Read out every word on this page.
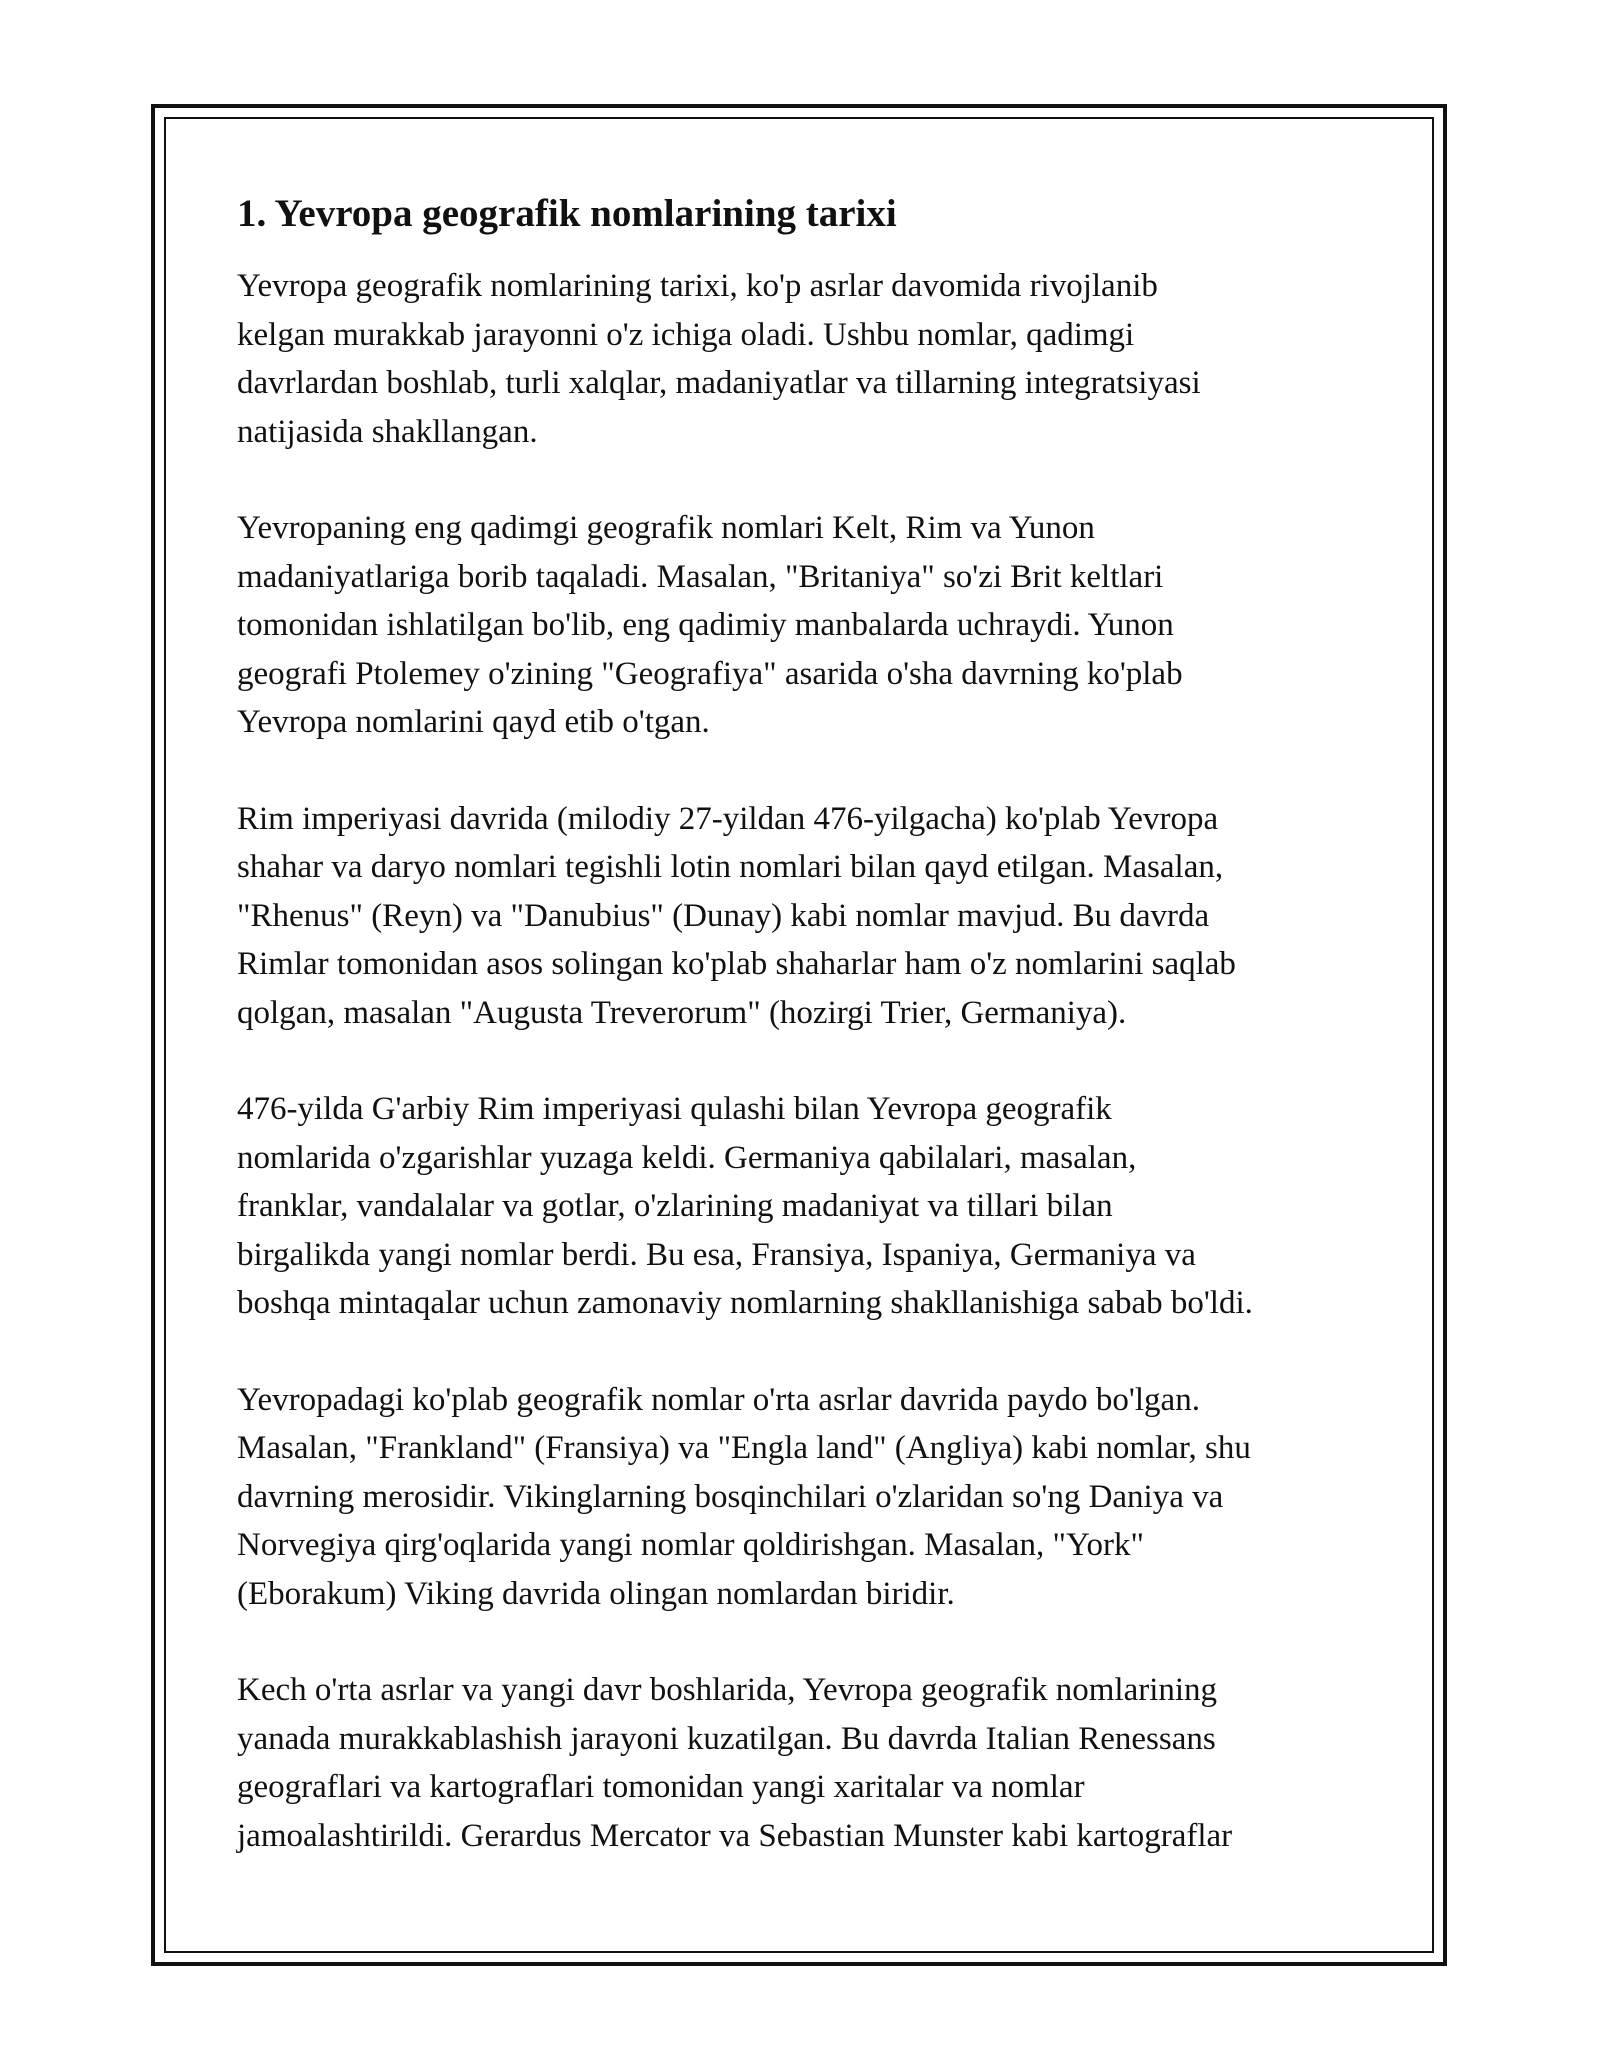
1. Yevropa geografik nomlarining tarixi

Yevropa geografik nomlarining tarixi, ko'p asrlar davomida rivojlanib
kelgan murakkab jarayonni o'z ichiga oladi. Ushbu nomlar, qadimgi
davrlardan boshlab, turli xalqlar, madaniyatlar va tillarning integratsiyasi
natijasida shakllangan.

Yevropaning eng qadimgi geografik nomlari Kelt, Rim va Yunon
madaniyatlariga borib taqaladi. Masalan, "Britaniya" so'zi Brit keltlari
tomonidan ishlatilgan bo'lib, eng qadimiy manbalarda uchraydi. Yunon
geografi Ptolemey o'zining "Geografiya" asarida o'sha davrning ko'plab
Yevropa nomlarini qayd etib o'tgan.

Rim imperiyasi davrida (milodiy 27-yildan 476-yilgacha) ko'plab Yevropa
shahar va daryo nomlari tegishli lotin nomlari bilan qayd etilgan. Masalan,
"Rhenus" (Reyn) va "Danubius" (Dunay) kabi nomlar mavjud. Bu davrda
Rimlar tomonidan asos solingan ko'plab shaharlar ham o'z nomlarini saqlab
qolgan, masalan "Augusta Treverorum" (hozirgi Trier, Germaniya).

476-yilda G'arbiy Rim imperiyasi qulashi bilan Yevropa geografik
nomlarida o'zgarishlar yuzaga keldi. Germaniya qabilalari, masalan,
franklar, vandalalar va gotlar, o'zlarining madaniyat va tillari bilan
birgalikda yangi nomlar berdi. Bu esa, Fransiya, Ispaniya, Germaniya va
boshqa mintaqalar uchun zamonaviy nomlarning shakllanishiga sabab bo'ldi.

Yevropadagi ko'plab geografik nomlar o'rta asrlar davrida paydo bo'lgan.
Masalan, "Frankland" (Fransiya) va "Engla land" (Angliya) kabi nomlar, shu
davrning merosidir. Vikinglarning bosqinchilari o'zlaridan so'ng Daniya va
Norvegiya qirg'oqlarida yangi nomlar qoldirishgan. Masalan, "York"
(Eborakum) Viking davrida olingan nomlardan biridir.

Kech o'rta asrlar va yangi davr boshlarida, Yevropa geografik nomlarining
yanada murakkablashish jarayoni kuzatilgan. Bu davrda Italian Renessans
geograflari va kartograflari tomonidan yangi xaritalar va nomlar
jamoalashtirildi. Gerardus Mercator va Sebastian Munster kabi kartograflar
